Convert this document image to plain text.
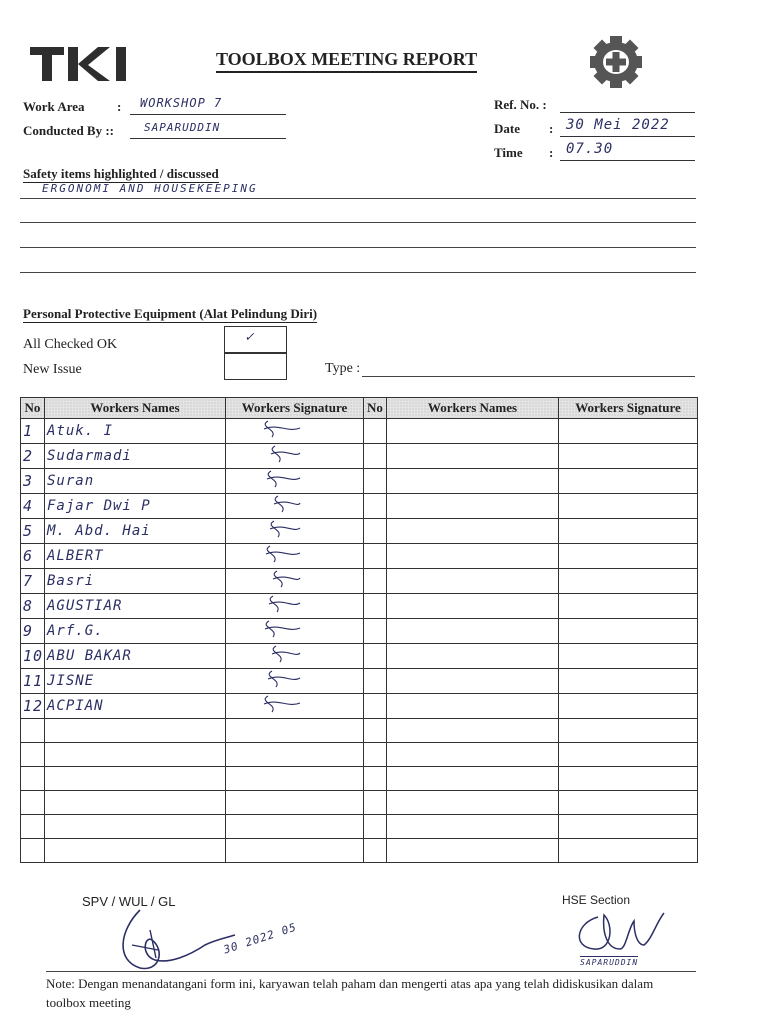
TOOLBOX MEETING REPORT
Work Area :	WORKSHOP 7
Conducted By ::	SAPARUDDIN
Ref. No. :
Date : 30 Mei 2022
Time : 07.30
Safety items highlighted / discussed
ERGONOMI AND HOUSEKEEPING
Personal Protective Equipment (Alat Pelindung Diri)
All Checked OK
New Issue
✓
Type :
No	Workers Names	Workers Signature	No	Workers Names	Workers Signature
1	Atuk. I				
2	Sudarmadi				
3	Suran				
4	Fajar Dwi P				
5	M. Abd. Hai				
6	ALBERT				
7	Basri				
8	AGUSTIAR				
9	Arf.G.				
10	ABU BAKAR				
11	JISNE				
12	ACPIAN				

SPV / WUL / GL
30 2022 05
HSE Section
SAPARUDDIN
Note: Dengan menandatangani form ini, karyawan telah paham dan mengerti atas apa yang telah didiskusikan dalam toolbox meeting
